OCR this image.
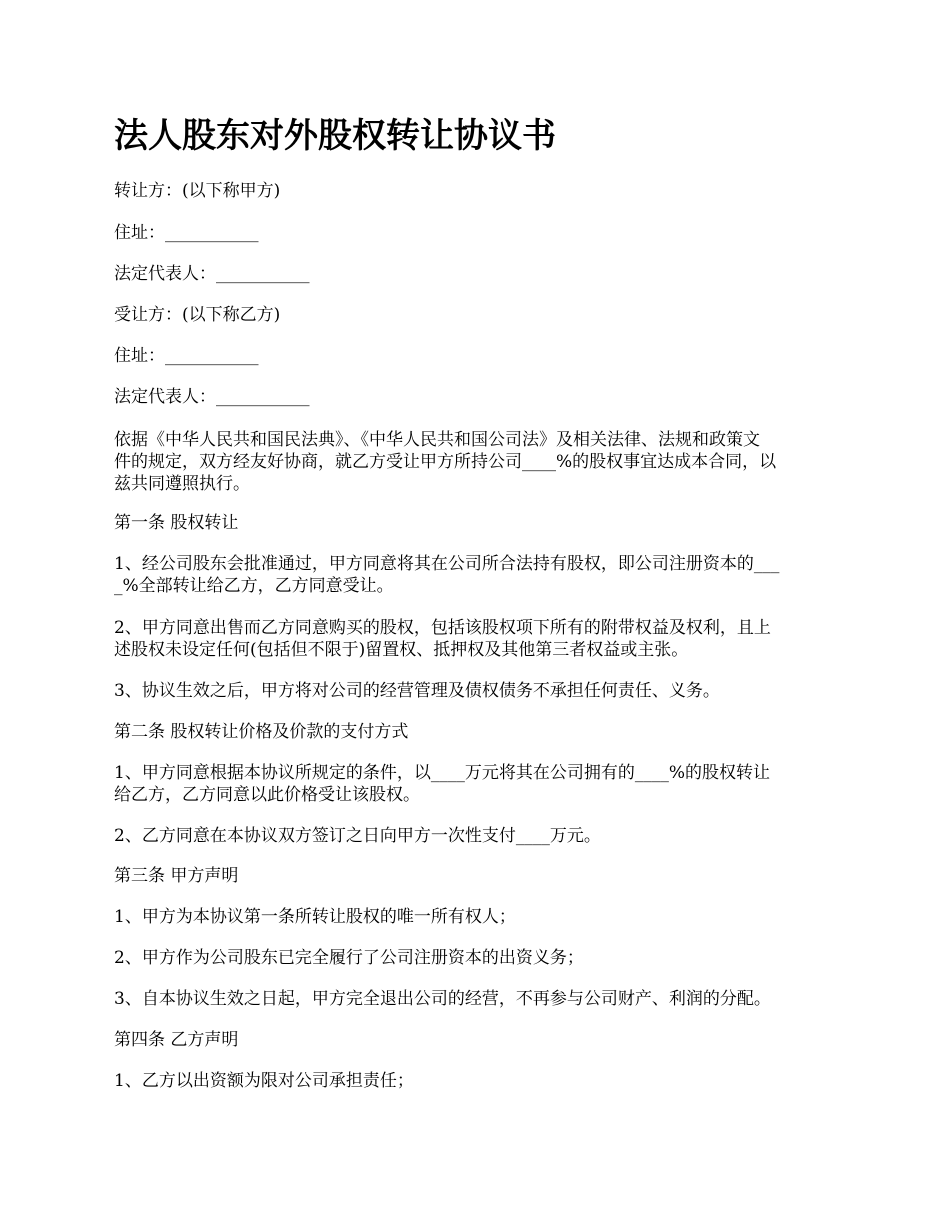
法人股东对外股权转让协议书

转让方：(以下称甲方)

住址：___________

法定代表人：___________

受让方：(以下称乙方)

住址：___________

法定代表人：___________

依据《中华人民共和国民法典》、《中华人民共和国公司法》及相关法律、法规和政策文
件的规定，双方经友好协商，就乙方受让甲方所持公司____%的股权事宜达成本合同，以
兹共同遵照执行。

第一条 股权转让

1、经公司股东会批准通过，甲方同意将其在公司所合法持有股权，即公司注册资本的___
_%全部转让给乙方，乙方同意受让。
2、甲方同意出售而乙方同意购买的股权，包括该股权项下所有的附带权益及权利，且上
述股权未设定任何(包括但不限于)留置权、抵押权及其他第三者权益或主张。

3、协议生效之后，甲方将对公司的经营管理及债权债务不承担任何责任、义务。

第二条 股权转让价格及价款的支付方式

1、甲方同意根据本协议所规定的条件，以____万元将其在公司拥有的____%的股权转让
给乙方，乙方同意以此价格受让该股权。

2、乙方同意在本协议双方签订之日向甲方一次性支付____万元。

第三条 甲方声明

1、甲方为本协议第一条所转让股权的唯一所有权人；

2、甲方作为公司股东已完全履行了公司注册资本的出资义务；

3、自本协议生效之日起，甲方完全退出公司的经营，不再参与公司财产、利润的分配。

第四条 乙方声明

1、乙方以出资额为限对公司承担责任；
